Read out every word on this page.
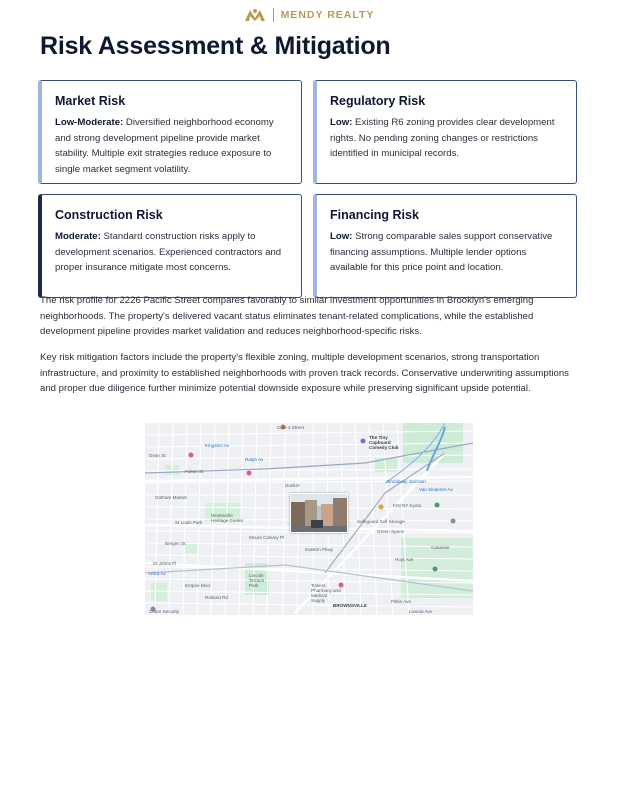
MENDY REALTY
Risk Assessment & Mitigation
Market Risk
Low-Moderate: Diversified neighborhood economy and strong development pipeline provide market stability. Multiple exit strategies reduce exposure to single market segment volatility.
Regulatory Risk
Low: Existing R6 zoning provides clear development rights. No pending zoning changes or restrictions identified in municipal records.
Construction Risk
Moderate: Standard construction risks apply to development scenarios. Experienced contractors and proper insurance mitigate most concerns.
Financing Risk
Low: Strong comparable sales support conservative financing assumptions. Multiple lender options available for this price point and location.

The risk profile for 2226 Pacific Street compares favorably to similar investment opportunities in Brooklyn's emerging neighborhoods. The property's delivered vacant status eliminates tenant-related complications, while the established development pipeline provides market validation and reduces neighborhood-specific risks.

Key risk mitigation factors include the property's flexible zoning, multiple development scenarios, strong transportation infrastructure, and proximity to established neighborhoods with proven track records. Conservative underwriting assumptions and proper due diligence further minimize potential downside exposure while preserving significant upside potential.

Cafe 4 Street
The Tiny Cupboard Comedy Club
Fulton St
Dunkin'
Broadway Junction
KIN NY Kyoto
Weeksville Heritage Center
St Louis Park	Safeguard Self Storage
Van Sinderen Av
Eastern Pkwy
Bergen St
St Johns Pl
Mount Calvary Pl
BROWNSVILLE
Towers Pharmacy and Medical Supply	Pitkin Ave
Canarsie
Utica Av
Dean St
Kingston Av
Ralph Av
Livonia Ave
Gotham Market
Green Space
Lincoln Terrace Park
Empire Blvd
Rutland Rd
Olden Security
Hoyt Ave
